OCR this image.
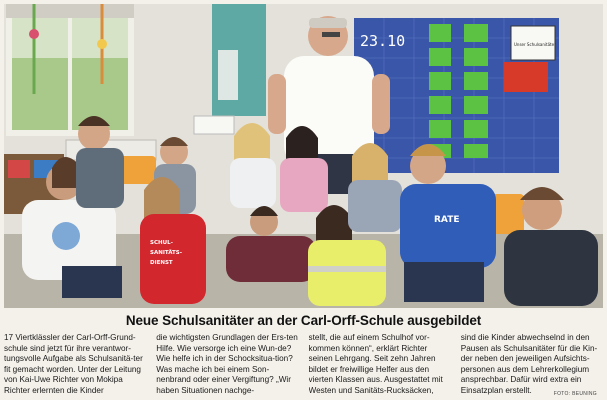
23.10	Unser Schulsanitäter
SCHUL-
SANITÄTS-
DIENST
RATE
Neue Schulsanitäter an der Carl-Orff-Schule ausgebildet

17 Viertklässler der Carl-Orff-Grund-schule sind jetzt für ihre verantwor-tungsvolle Aufgabe als Schulsanitä-ter fit gemacht worden. Unter der Leitung von Kai-Uwe Richter von Mokipa Richter erlernten die Kinder

die wichtigsten Grundlagen der Ers-ten Hilfe. Wie versorge ich eine Wun-de? Wie helfe ich in der Schocksitua-tion? Was mache ich bei einem Son-nenbrand oder einer Vergiftung? „Wir haben Situationen nachge-

stellt, die auf einem Schulhof vor-kommen können“, erklärt Richter seinen Lehrgang. Seit zehn Jahren bildet er freiwillige Helfer aus den vierten Klassen aus. Ausgestattet mit Westen und Sanitäts-Rucksäcken,

sind die Kinder abwechselnd in den Pausen als Schulsanitäter für die Kin-der neben den jeweiligen Aufsichts-personen aus dem Lehrerkollegium ansprechbar. Dafür wird extra ein Einsatzplan erstellt.	FOTO: BEUNING
